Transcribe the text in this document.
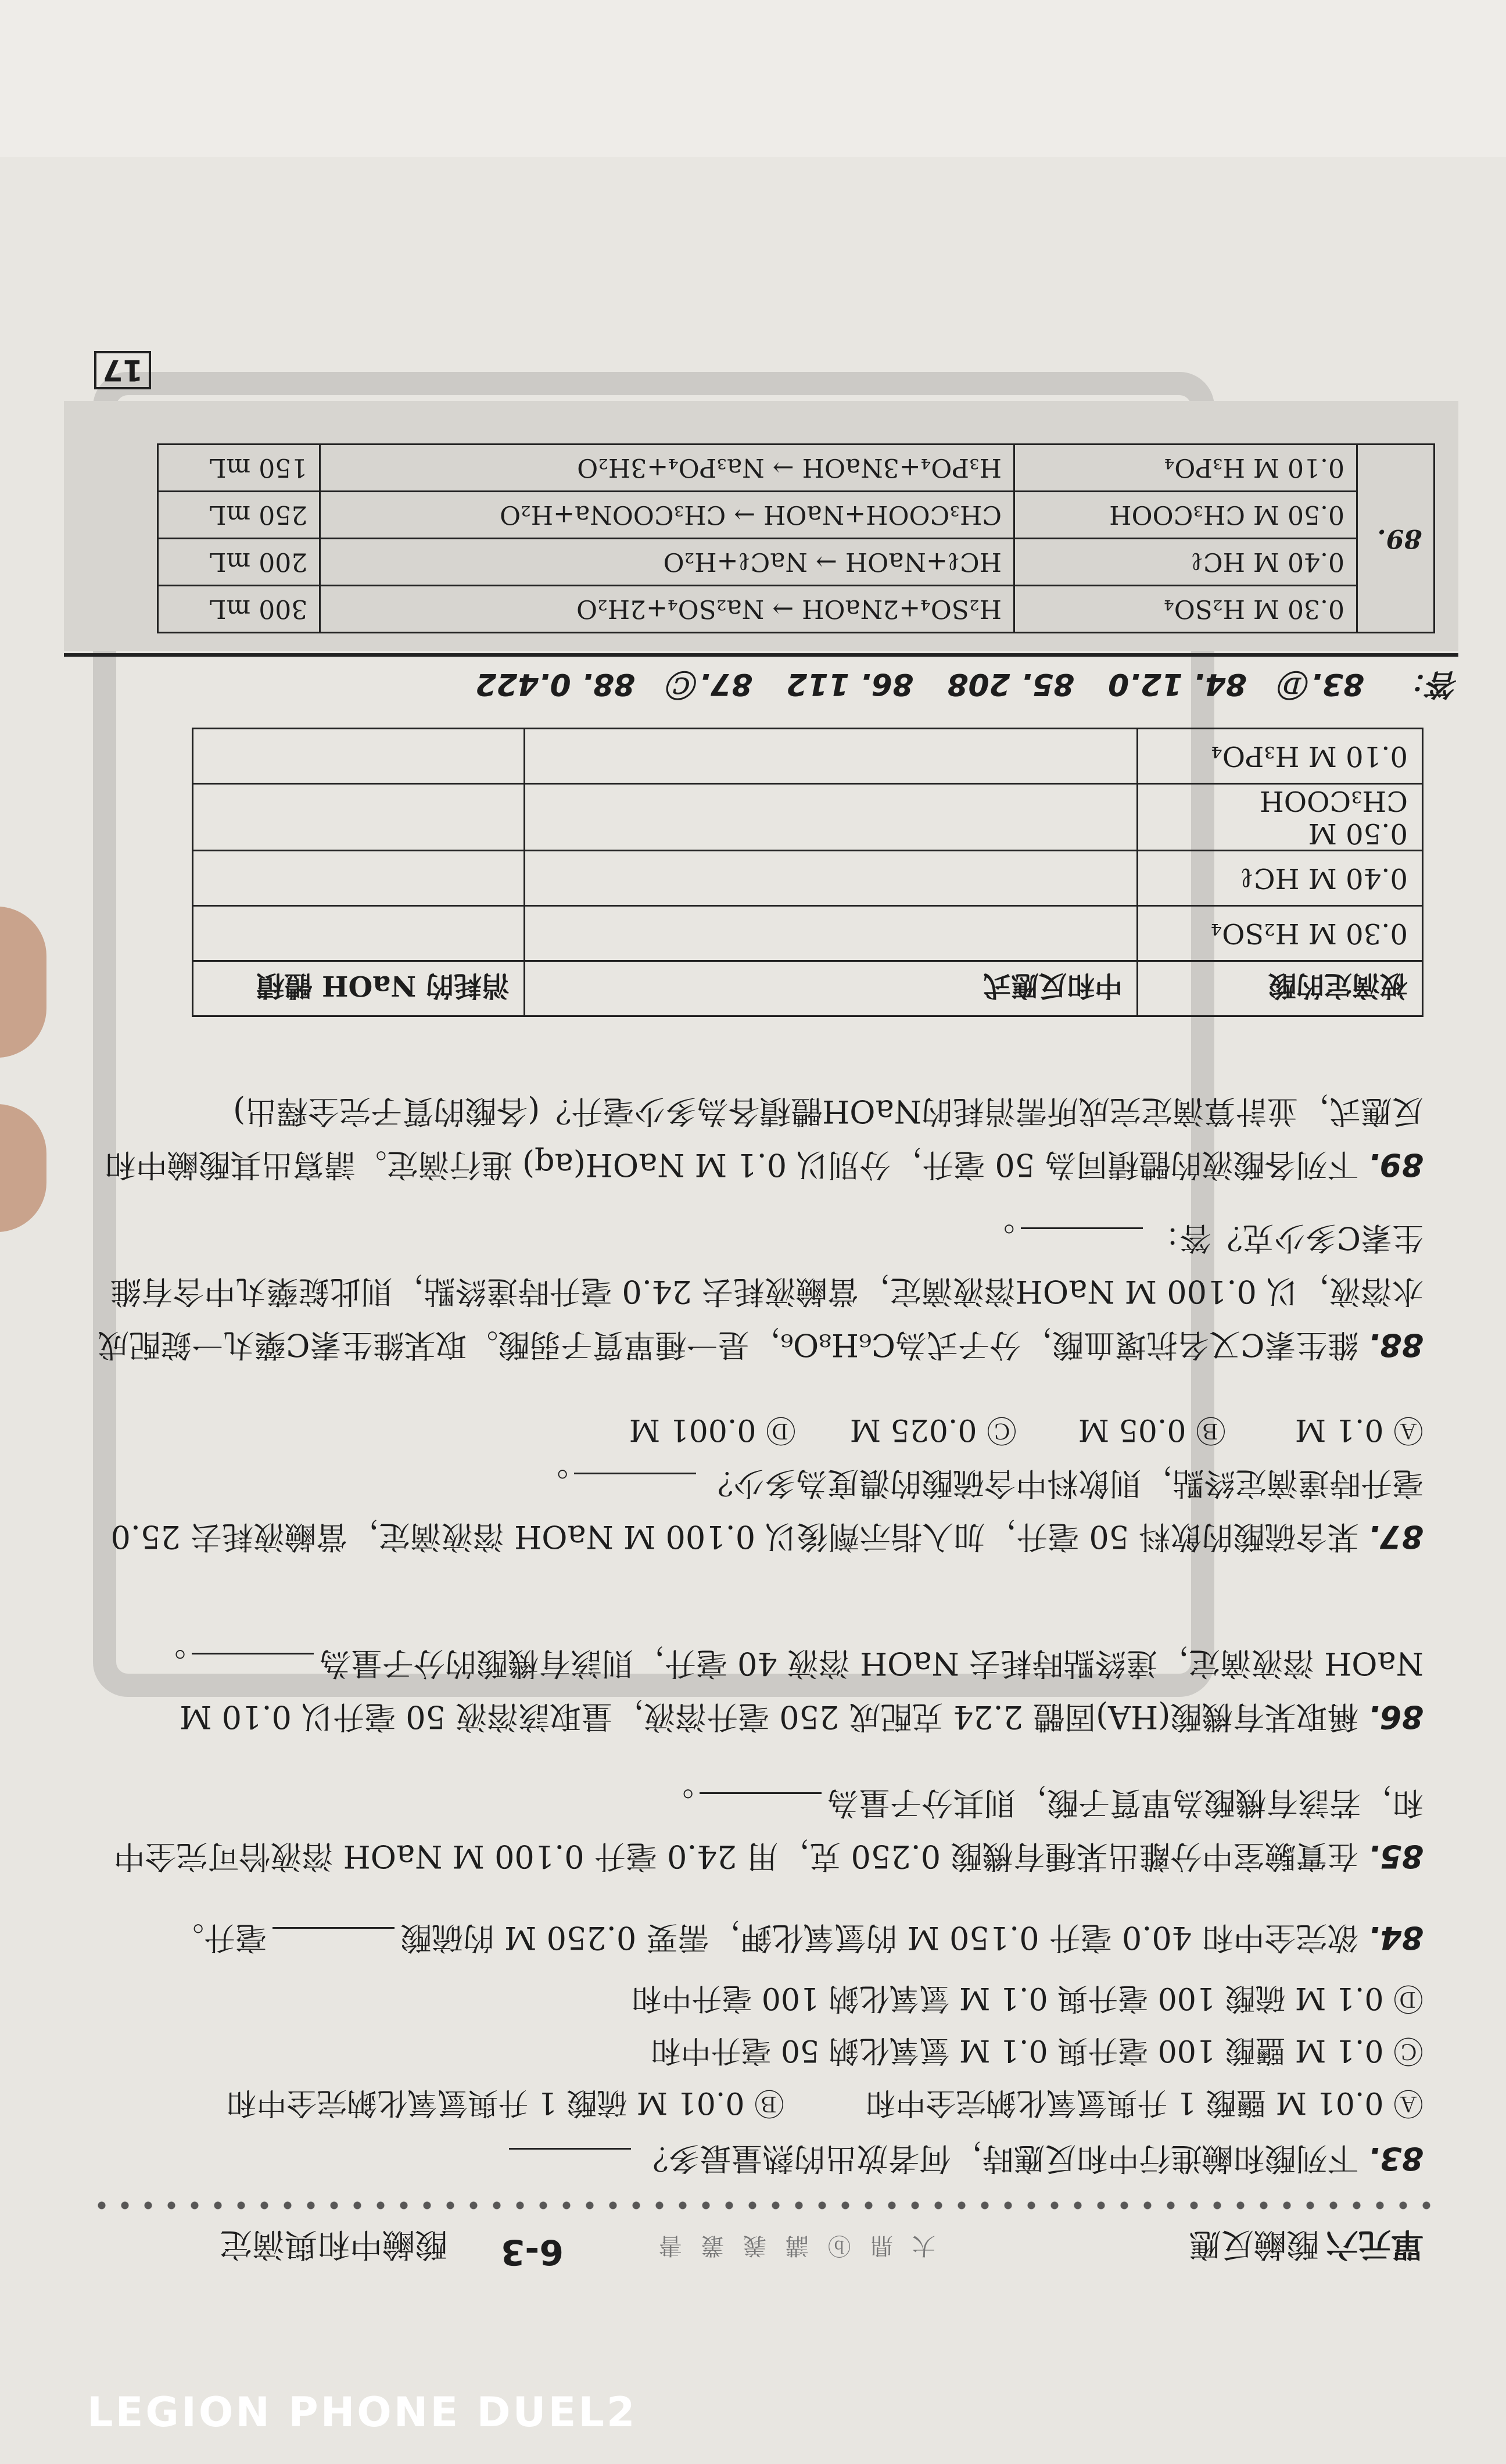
單元六
酸鹼反應
大 鼎 ⓑ 講 義 叢 書
6-3
酸鹼中和與滴定
83.下列酸和鹼進行中和反應時，何者放出的熱量最多？
Ⓐ 0.01 M 鹽酸 1 升與氫氧化鈉完全中和
Ⓑ 0.01 M 硫酸 1 升與氫氧化鈉完全中和
Ⓒ 0.1 M 鹽酸 100 毫升與 0.1 M 氫氧化鈉 50 毫升中和
Ⓓ 0.1 M 硫酸 100 毫升與 0.1 M 氫氧化鈉 100 毫升中和
84.欲完全中和 40.0 毫升 0.150 M 的氫氧化鉀，需要 0.250 M 的硫酸毫升。
85.在實驗室中分離出某種有機酸 0.250 克，用 24.0 毫升 0.100 M NaOH 溶液恰可完全中和，若該有機酸為單質子酸，則其分子量為。
86.稱取某有機酸(HA)固體 2.24 克配成 250 毫升溶液，量取該溶液 50 毫升以 0.10 M NaOH 溶液滴定，達終點時耗去 NaOH 溶液 40 毫升，則該有機酸的分子量為。
87.某含硫酸的飲料 50 毫升，加入指示劑後以 0.100 M NaOH 溶液滴定，當鹼液耗去 25.0 毫升時達滴定終點，則飲料中含硫酸的濃度為多少？。
Ⓐ 0.1 M
Ⓑ 0.05 M
Ⓒ 0.025 M
Ⓓ 0.001 M
88.維生素C又名抗壞血酸，分子式為C₆H₈O₆，是一種單質子弱酸。取某維生素C藥丸一錠配成水溶液，以 0.100 M NaOH溶液滴定，當鹼液耗去 24.0 毫升時達終點，則此錠藥丸中含有維生素C多少克？答：。
89.下列各酸液的體積同為 50 毫升，分別以 0.1 M NaOH(aq) 進行滴定。請寫出其酸鹼中和反應式，並計算滴定完成所需消耗的NaOH體積各為多少毫升？(各酸的質子完全釋出)
被滴定的酸	中和反應式	消耗的 NaOH 體積
0.30 M H₂SO₄		
0.40 M HCℓ		
0.50 M CH₃COOH		
0.10 M H₃PO₄		
答： 83.Ⓓ 84. 12.0 85. 208 86. 112 87.Ⓒ 88. 0.422
89.	0.30 M H₂SO₄	H₂SO₄+2NaOH → Na₂SO₄+2H₂O	300 mL
	0.40 M HCℓ	HCℓ+NaOH → NaCℓ+H₂O	200 mL
	0.50 M CH₃COOH	CH₃COOH+NaOH → CH₃COONa+H₂O	250 mL
	0.10 M H₃PO₄	H₃PO₄+3NaOH → Na₃PO₄+3H₂O	150 mL
17
LEGION PHONE DUEL2
